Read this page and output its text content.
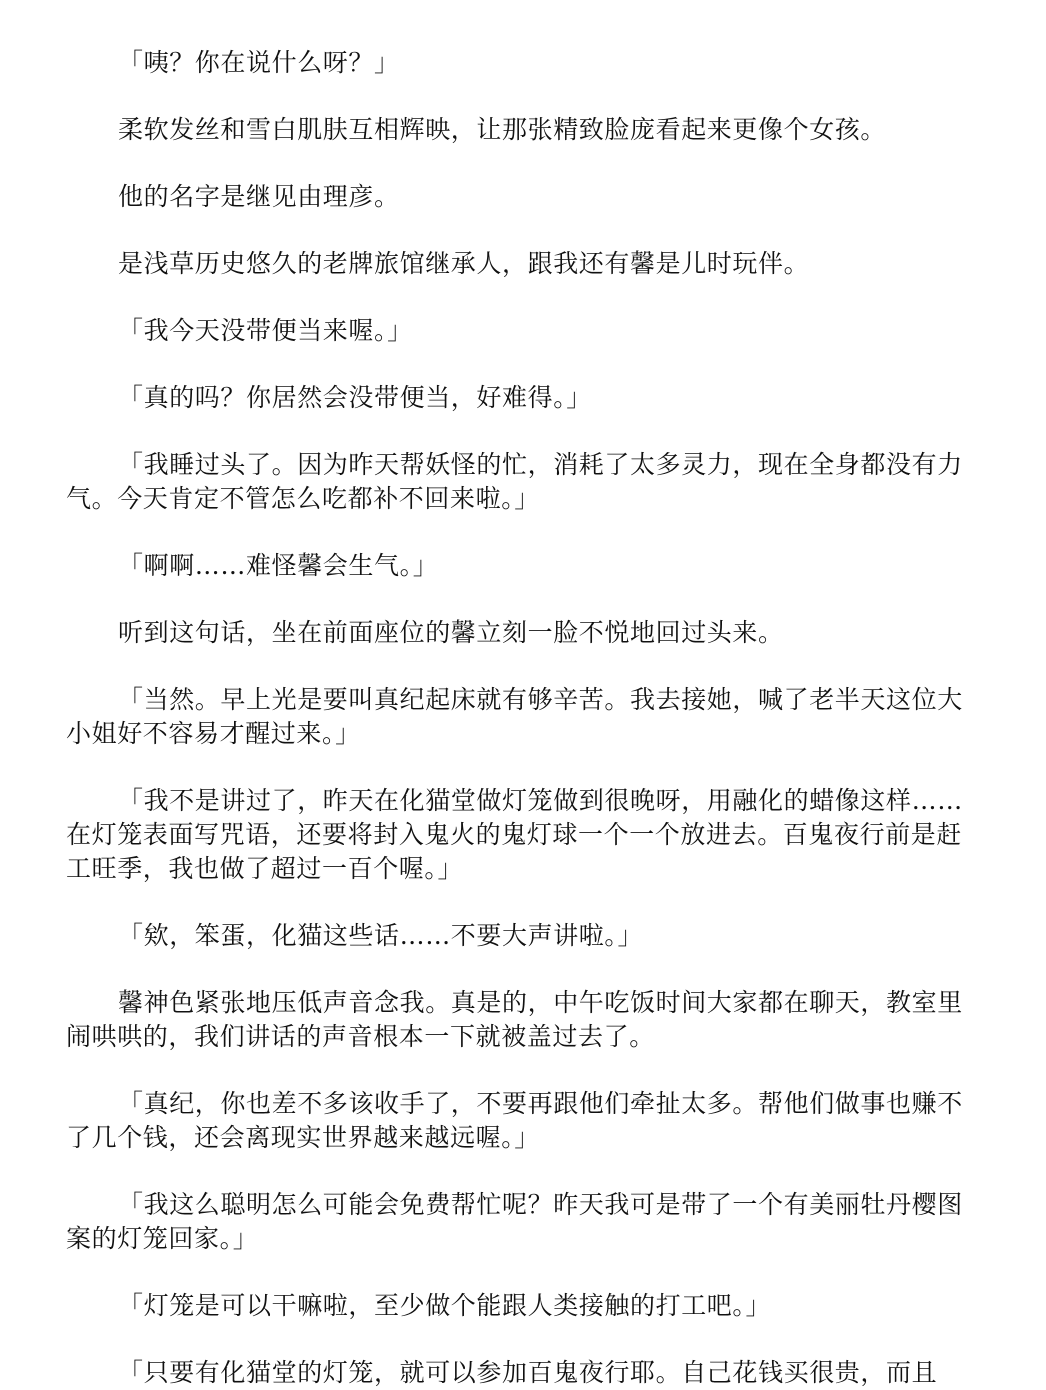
「咦？你在说什么呀？」

柔软发丝和雪白肌肤互相辉映，让那张精致脸庞看起来更像个女孩。

他的名字是继见由理彦。

是浅草历史悠久的老牌旅馆继承人，跟我还有馨是儿时玩伴。

「我今天没带便当来喔。」

「真的吗？你居然会没带便当，好难得。」

「我睡过头了。因为昨天帮妖怪的忙，消耗了太多灵力，现在全身都没有力气。今天肯定不管怎么吃都补不回来啦。」

「啊啊……难怪馨会生气。」

听到这句话，坐在前面座位的馨立刻一脸不悦地回过头来。

「当然。早上光是要叫真纪起床就有够辛苦。我去接她，喊了老半天这位大小姐好不容易才醒过来。」

「我不是讲过了，昨天在化猫堂做灯笼做到很晚呀，用融化的蜡像这样……在灯笼表面写咒语，还要将封入鬼火的鬼灯球一个一个放进去。百鬼夜行前是赶工旺季，我也做了超过一百个喔。」

「欸，笨蛋，化猫这些话……不要大声讲啦。」

馨神色紧张地压低声音念我。真是的，中午吃饭时间大家都在聊天，教室里闹哄哄的，我们讲话的声音根本一下就被盖过去了。

「真纪，你也差不多该收手了，不要再跟他们牵扯太多。帮他们做事也赚不了几个钱，还会离现实世界越来越远喔。」

「我这么聪明怎么可能会免费帮忙呢？昨天我可是带了一个有美丽牡丹樱图案的灯笼回家。」

「灯笼是可以干嘛啦，至少做个能跟人类接触的打工吧。」

「只要有化猫堂的灯笼，就可以参加百鬼夜行耶。自己花钱买很贵，而且
